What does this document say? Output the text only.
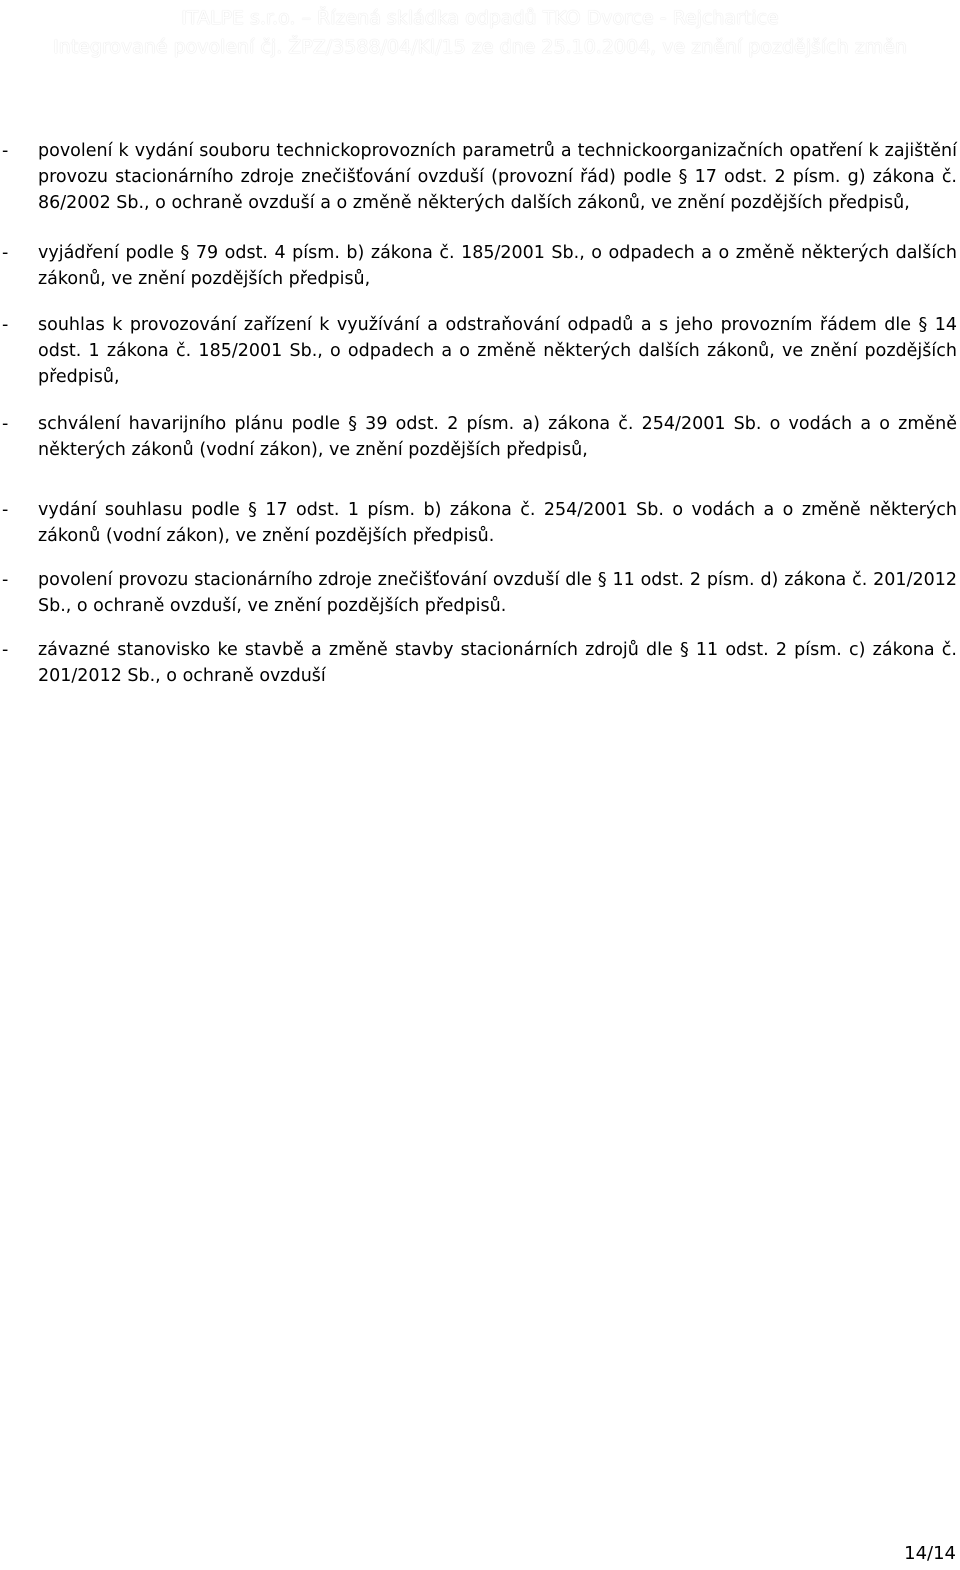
ITALPE s.r.o. – Řízená skládka odpadů TKO Dvorce - Rejchartice
Integrované povolení čj. ŽPZ/3588/04/Kl/15 ze dne 25.10.2004, ve znění pozdějších změn
-	povolení k vydání souboru technickoprovozních parametrů a technickoorganizačních opatření k zajištění provozu stacionárního zdroje znečišťování ovzduší (provozní řád) podle § 17 odst. 2 písm. g) zákona č. 86/2002 Sb., o ochraně ovzduší a o změně některých dalších zákonů, ve znění pozdějších předpisů,
-	vyjádření podle § 79 odst. 4 písm. b) zákona č. 185/2001 Sb., o odpadech a o změně některých dalších zákonů, ve znění pozdějších předpisů,
-	souhlas k provozování zařízení k využívání a odstraňování odpadů a s jeho provozním řádem dle § 14 odst. 1 zákona č. 185/2001 Sb., o odpadech a o změně některých dalších zákonů, ve znění pozdějších předpisů,
-	schválení havarijního plánu podle § 39 odst. 2 písm. a) zákona č. 254/2001 Sb. o vodách a o změně některých zákonů (vodní zákon), ve znění pozdějších předpisů,
-	vydání souhlasu podle § 17 odst. 1 písm. b) zákona č. 254/2001 Sb. o vodách a o změně některých zákonů (vodní zákon), ve znění pozdějších předpisů.
-	povolení provozu stacionárního zdroje znečišťování ovzduší dle § 11 odst. 2 písm. d) zákona č. 201/2012 Sb., o ochraně ovzduší, ve znění pozdějších předpisů.
-	závazné stanovisko ke stavbě a změně stavby stacionárních zdrojů dle § 11 odst. 2 písm. c) zákona č. 201/2012 Sb., o ochraně ovzduší
14/14
